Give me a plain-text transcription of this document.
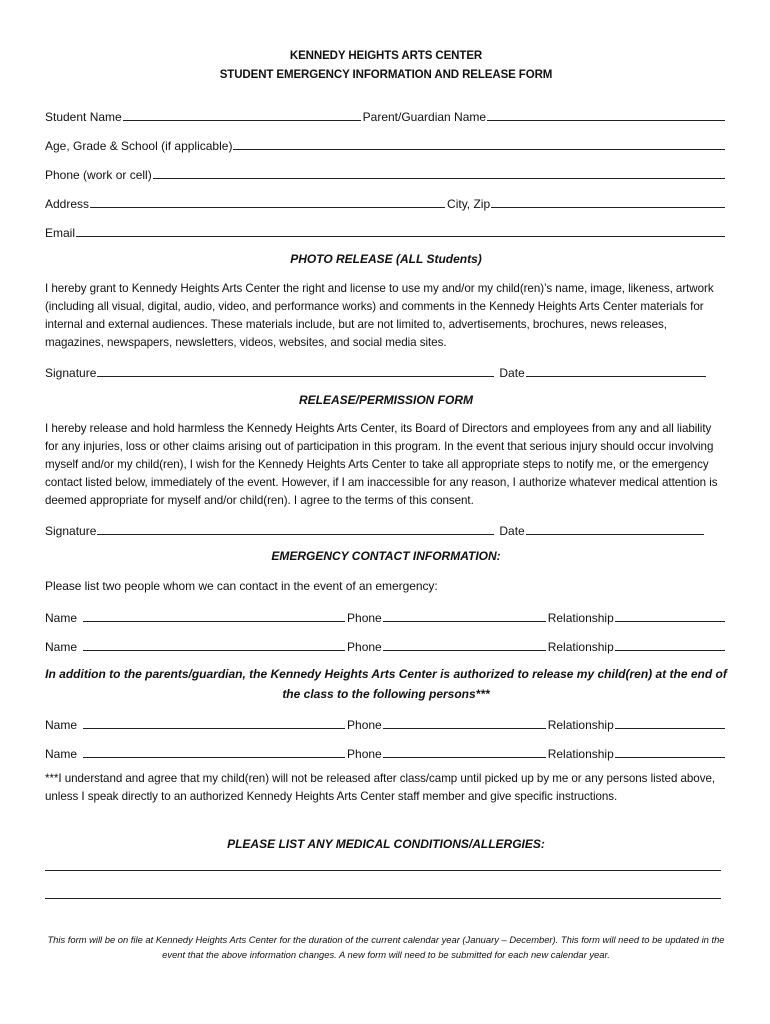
KENNEDY HEIGHTS ARTS CENTER
STUDENT EMERGENCY INFORMATION AND RELEASE FORM
Student Name	Parent/Guardian Name
Age, Grade & School (if applicable)
Phone (work or cell)
Address	City, Zip
Email
PHOTO RELEASE (ALL Students)
I hereby grant to Kennedy Heights Arts Center the right and license to use my and/or my child(ren)’s name, image, likeness, artwork (including all visual, digital, audio, video, and performance works) and comments in the Kennedy Heights Arts Center materials for internal and external audiences. These materials include, but are not limited to, advertisements, brochures, news releases, magazines, newspapers, newsletters, videos, websites, and social media sites.
Signature	Date
RELEASE/PERMISSION FORM
I hereby release and hold harmless the Kennedy Heights Arts Center, its Board of Directors and employees from any and all liability for any injuries, loss or other claims arising out of participation in this program. In the event that serious injury should occur involving myself and/or my child(ren), I wish for the Kennedy Heights Arts Center to take all appropriate steps to notify me, or the emergency contact listed below, immediately of the event. However, if I am inaccessible for any reason, I authorize whatever medical attention is deemed appropriate for myself and/or child(ren). I agree to the terms of this consent.
Signature	Date
EMERGENCY CONTACT INFORMATION:
Please list two people whom we can contact in the event of an emergency:
Name	Phone	Relationship
Name	Phone	Relationship
In addition to the parents/guardian, the Kennedy Heights Arts Center is authorized to release my child(ren) at the end of the class to the following persons***
Name	Phone	Relationship
Name	Phone	Relationship
***I understand and agree that my child(ren) will not be released after class/camp until picked up by me or any persons listed above, unless I speak directly to an authorized Kennedy Heights Arts Center staff member and give specific instructions.
PLEASE LIST ANY MEDICAL CONDITIONS/ALLERGIES:
This form will be on file at Kennedy Heights Arts Center for the duration of the current calendar year (January – December). This form will need to be updated in the event that the above information changes. A new form will need to be submitted for each new calendar year.
